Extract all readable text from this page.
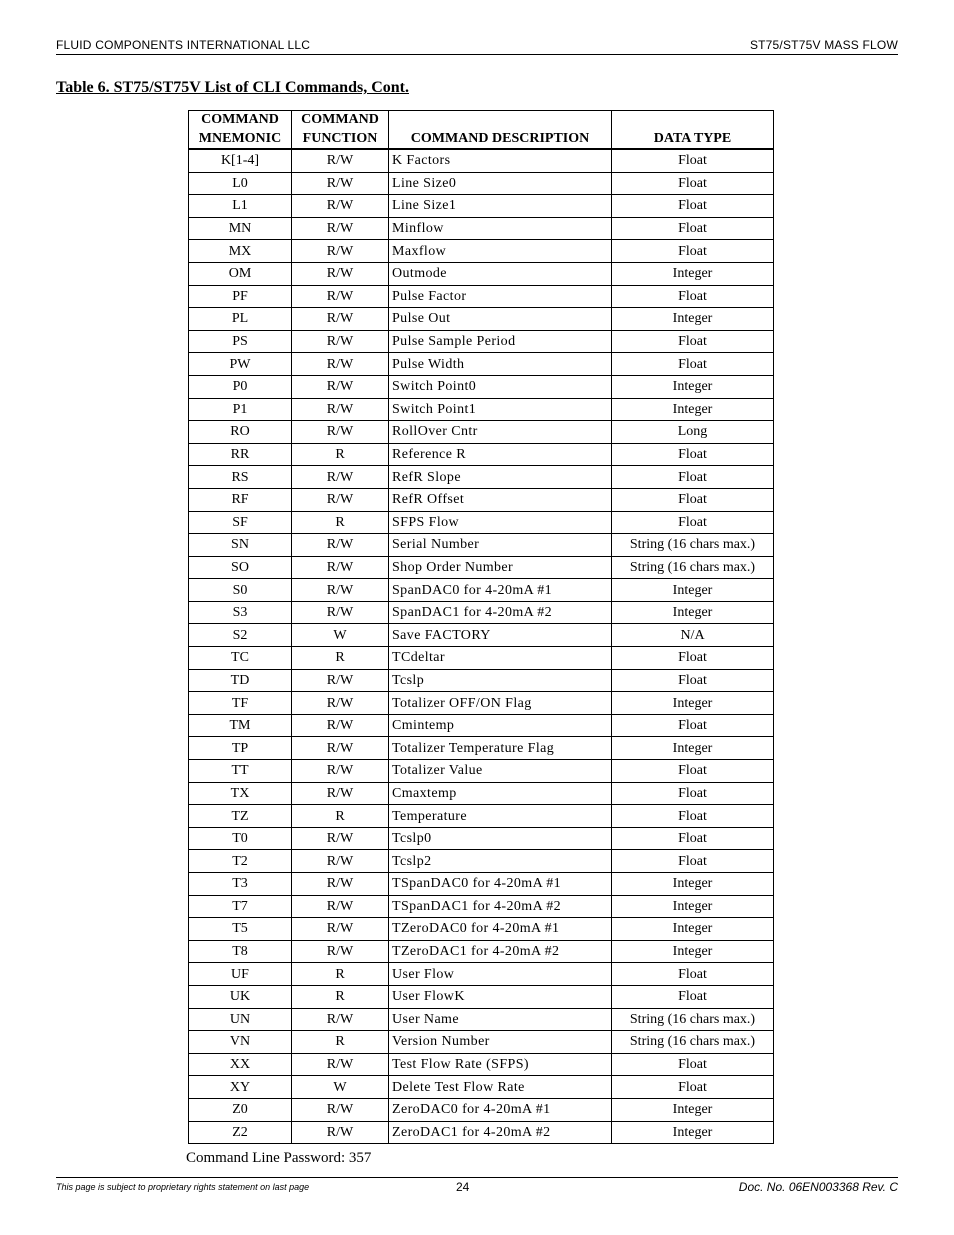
FLUID COMPONENTS INTERNATIONAL LLC	ST75/ST75V MASS FLOW
Table 6. ST75/ST75V List of CLI Commands, Cont.
COMMAND	COMMAND		
MNEMONIC	FUNCTION	COMMAND DESCRIPTION	DATA TYPE
K[1-4]	R/W	K Factors	Float
L0	R/W	Line Size0	Float
L1	R/W	Line Size1	Float
MN	R/W	Minflow	Float
MX	R/W	Maxflow	Float
OM	R/W	Outmode	Integer
PF	R/W	Pulse Factor	Float
PL	R/W	Pulse Out	Integer
PS	R/W	Pulse Sample Period	Float
PW	R/W	Pulse Width	Float
P0	R/W	Switch Point0	Integer
P1	R/W	Switch Point1	Integer
RO	R/W	RollOver Cntr	Long
RR	R	Reference R	Float
RS	R/W	RefR Slope	Float
RF	R/W	RefR Offset	Float
SF	R	SFPS Flow	Float
SN	R/W	Serial Number	String (16 chars max.)
SO	R/W	Shop Order Number	String (16 chars max.)
S0	R/W	SpanDAC0 for 4-20mA #1	Integer
S3	R/W	SpanDAC1 for 4-20mA #2	Integer
S2	W	Save FACTORY	N/A
TC	R	TCdeltar	Float
TD	R/W	Tcslp	Float
TF	R/W	Totalizer OFF/ON Flag	Integer
TM	R/W	Cmintemp	Float
TP	R/W	Totalizer Temperature Flag	Integer
TT	R/W	Totalizer Value	Float
TX	R/W	Cmaxtemp	Float
TZ	R	Temperature	Float
T0	R/W	Tcslp0	Float
T2	R/W	Tcslp2	Float
T3	R/W	TSpanDAC0 for 4-20mA #1	Integer
T7	R/W	TSpanDAC1 for 4-20mA #2	Integer
T5	R/W	TZeroDAC0 for 4-20mA #1	Integer
T8	R/W	TZeroDAC1 for 4-20mA #2	Integer
UF	R	User Flow	Float
UK	R	User FlowK	Float
UN	R/W	User Name	String (16 chars max.)
VN	R	Version Number	String (16 chars max.)
XX	R/W	Test Flow Rate (SFPS)	Float
XY	W	Delete Test Flow Rate	Float
Z0	R/W	ZeroDAC0 for 4-20mA #1	Integer
Z2	R/W	ZeroDAC1 for 4-20mA #2	Integer
Command Line Password: 357
This page is subject to proprietary rights statement on last page	24	Doc. No. 06EN003368 Rev. C
